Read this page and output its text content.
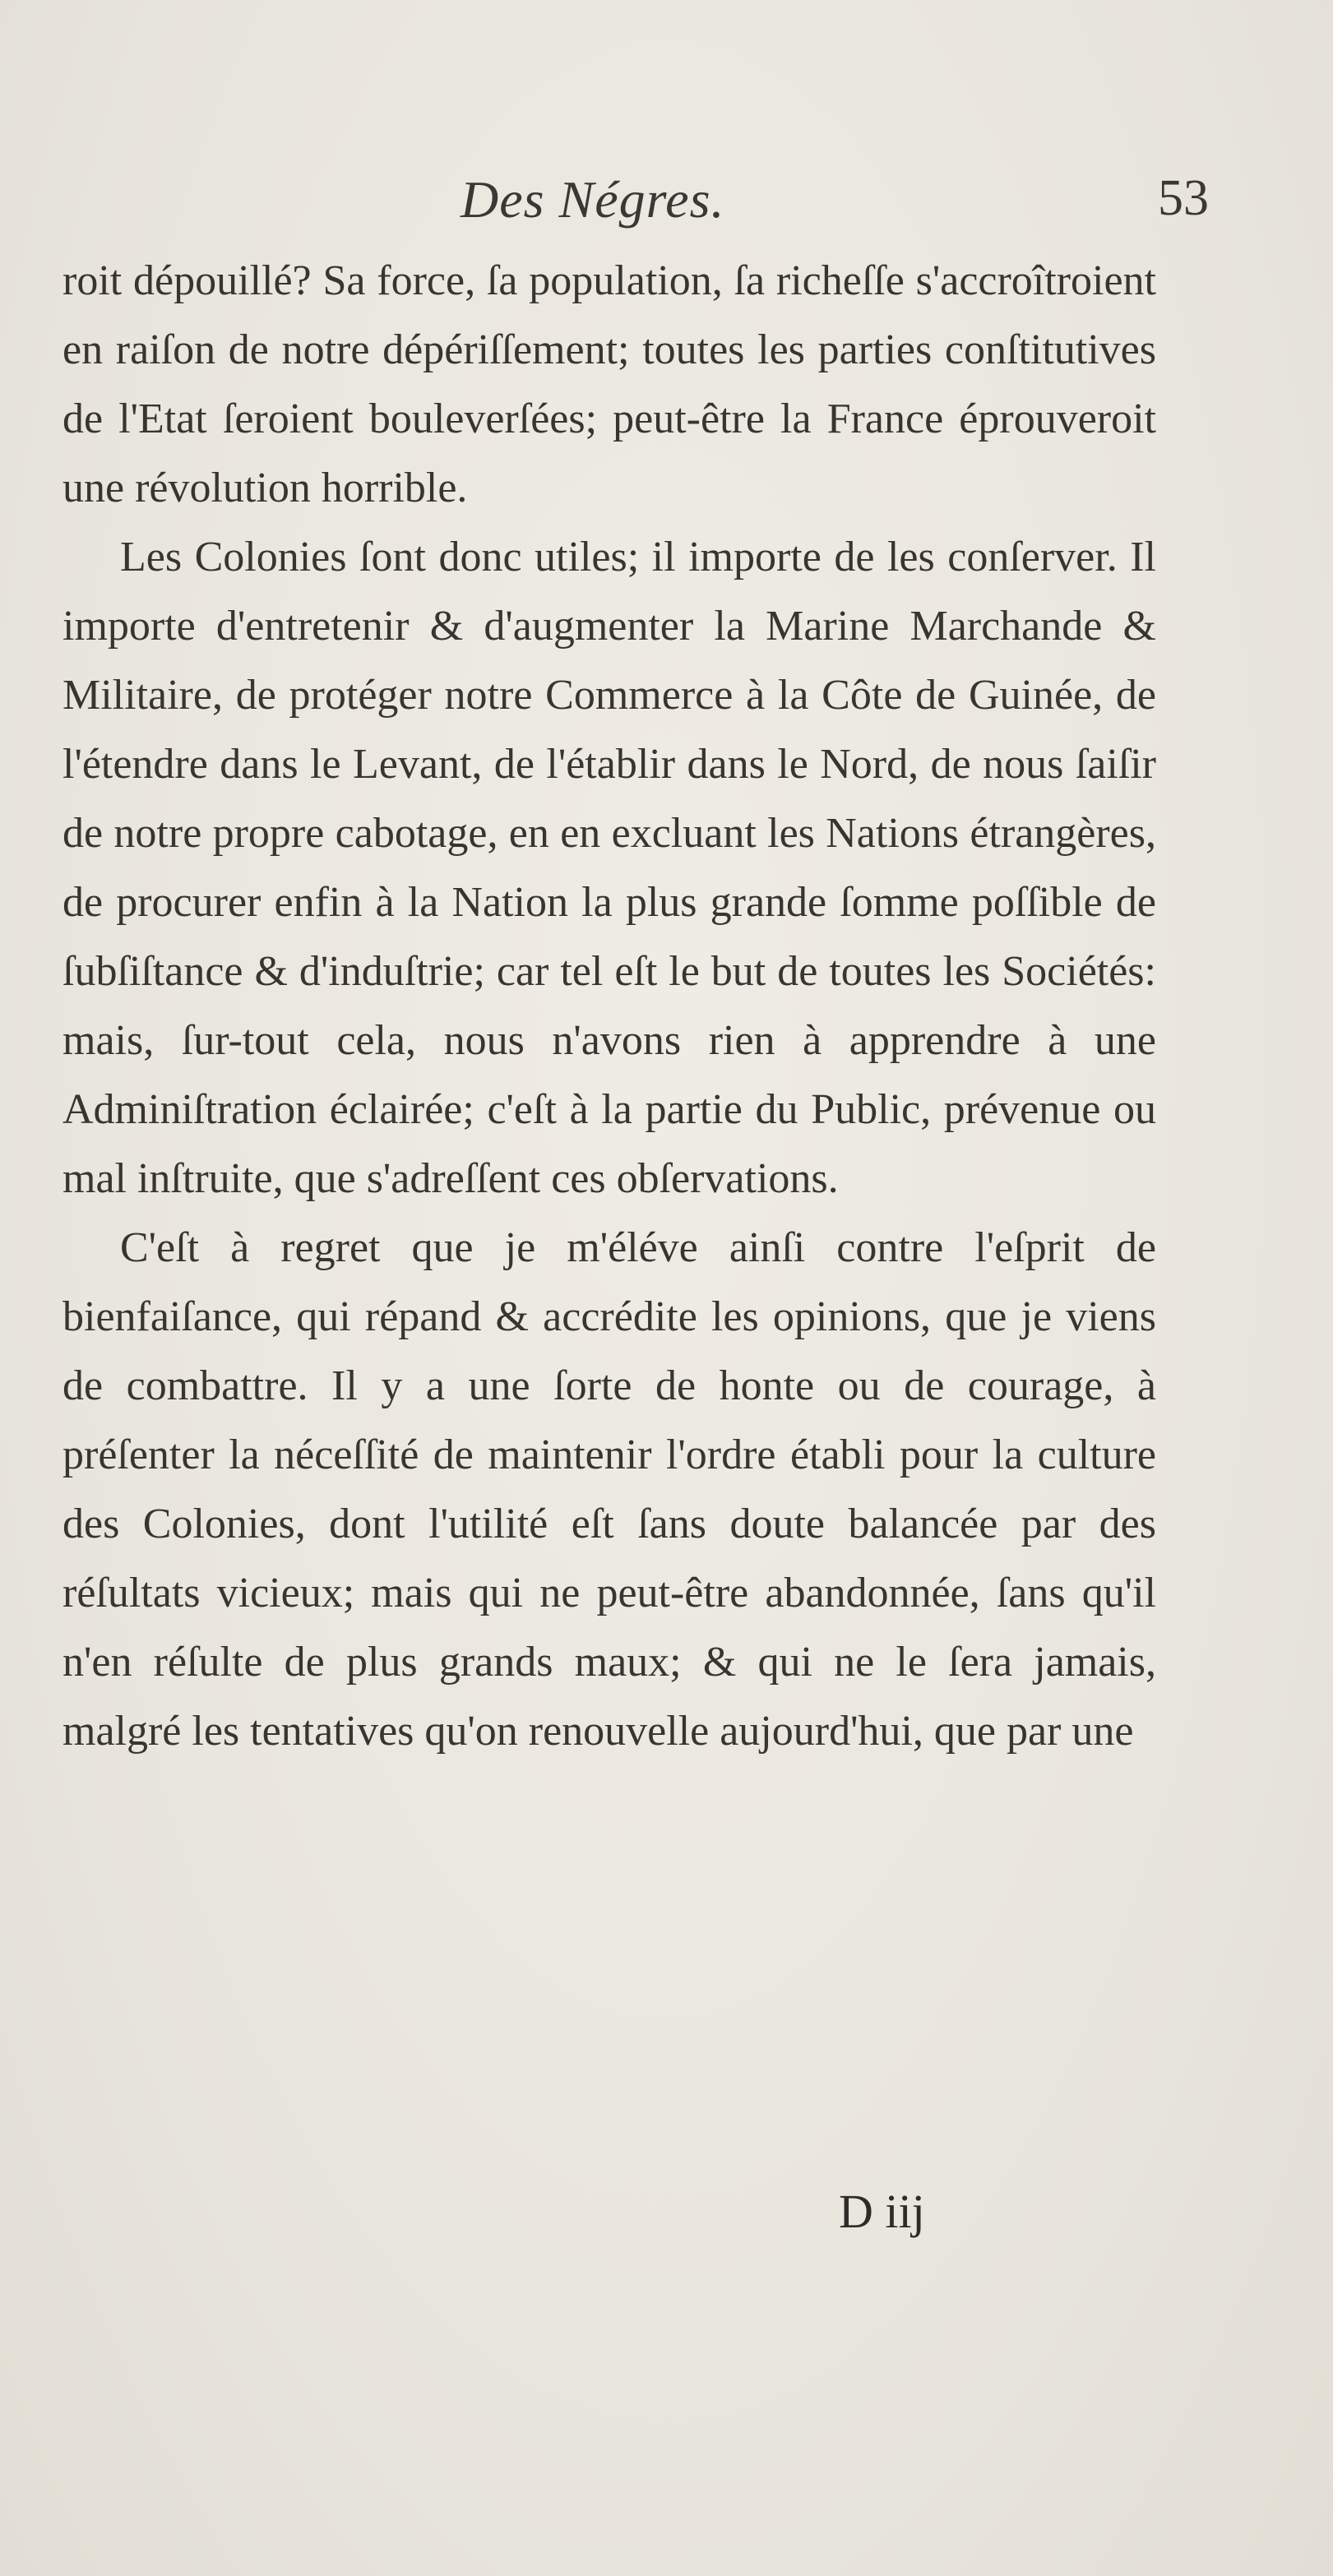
Des Négres.	53

roit dépouillé? Sa force, ſa population, ſa richeſſe s'accroîtroient en raiſon de notre dépériſſement; toutes les parties conſtitutives de l'Etat ſeroient bouleverſées; peut-être la France éprouveroit une révolution horrible.

Les Colonies ſont donc utiles; il importe de les conſerver. Il importe d'entretenir & d'augmenter la Marine Marchande & Militaire, de protéger notre Commerce à la Côte de Guinée, de l'étendre dans le Levant, de l'établir dans le Nord, de nous ſaiſir de notre propre cabotage, en en excluant les Nations étrangères, de procurer enfin à la Nation la plus grande ſomme poſſible de ſubſiſtance & d'induſtrie; car tel eſt le but de toutes les Sociétés: mais, ſur-tout cela, nous n'avons rien à apprendre à une Adminiſtration éclairée; c'eſt à la partie du Public, prévenue ou mal inſtruite, que s'adreſſent ces obſervations.

C'eſt à regret que je m'éléve ainſi contre l'eſprit de bienfaiſance, qui répand & accrédite les opinions, que je viens de combattre. Il y a une ſorte de honte ou de courage, à préſenter la néceſſité de maintenir l'ordre établi pour la culture des Colonies, dont l'utilité eſt ſans doute balancée par des réſultats vicieux; mais qui ne peut-être abandonnée, ſans qu'il n'en réſulte de plus grands maux; & qui ne le ſera jamais, malgré les tentatives qu'on renouvelle aujourd'hui, que par une

D iij
